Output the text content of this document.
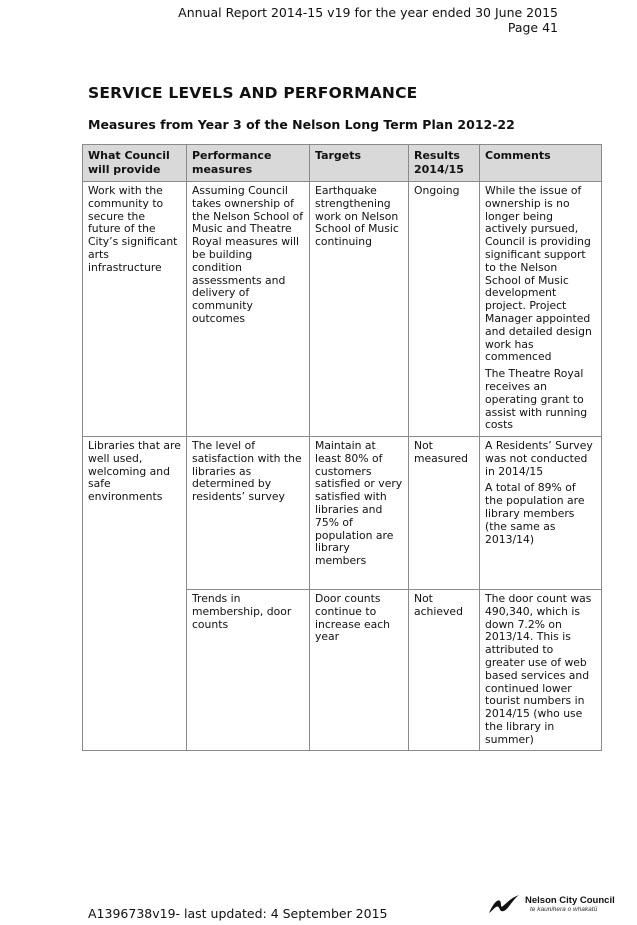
Annual Report 2014-15 v19 for the year ended 30 June 2015
Page 41
SERVICE LEVELS AND PERFORMANCE
Measures from Year 3 of the Nelson Long Term Plan 2012-22
What Council will provide	Performance measures	Targets	Results 2014/15	Comments
Work with the community to secure the future of the City’s significant arts infrastructure	Assuming Council takes ownership of the Nelson School of Music and Theatre Royal measures will be building condition assessments and delivery of community outcomes	Earthquake strengthening work on Nelson School of Music continuing	Ongoing	While the issue of ownership is no longer being actively pursued, Council is providing significant support to the Nelson School of Music development project. Project Manager appointed and detailed design work has commenced

The Theatre Royal receives an operating grant to assist with running costs

Libraries that are well used, welcoming and safe environments	The level of satisfaction with the libraries as determined by residents’ survey	Maintain at least 80% of customers satisfied or very satisfied with libraries and 75% of population are library members	Not measured	A Residents’ Survey was not conducted in 2014/15

A total of 89% of the population are library members (the same as 2013/14)

	Trends in membership, door counts	Door counts continue to increase each year	Not achieved	The door count was 490,340, which is down 7.2% on 2013/14. This is attributed to greater use of web based services and continued lower tourist numbers in 2014/15 (who use the library in summer)

A1396738v19- last updated: 4 September 2015
Nelson City Council
te kaunihera o whakatū
